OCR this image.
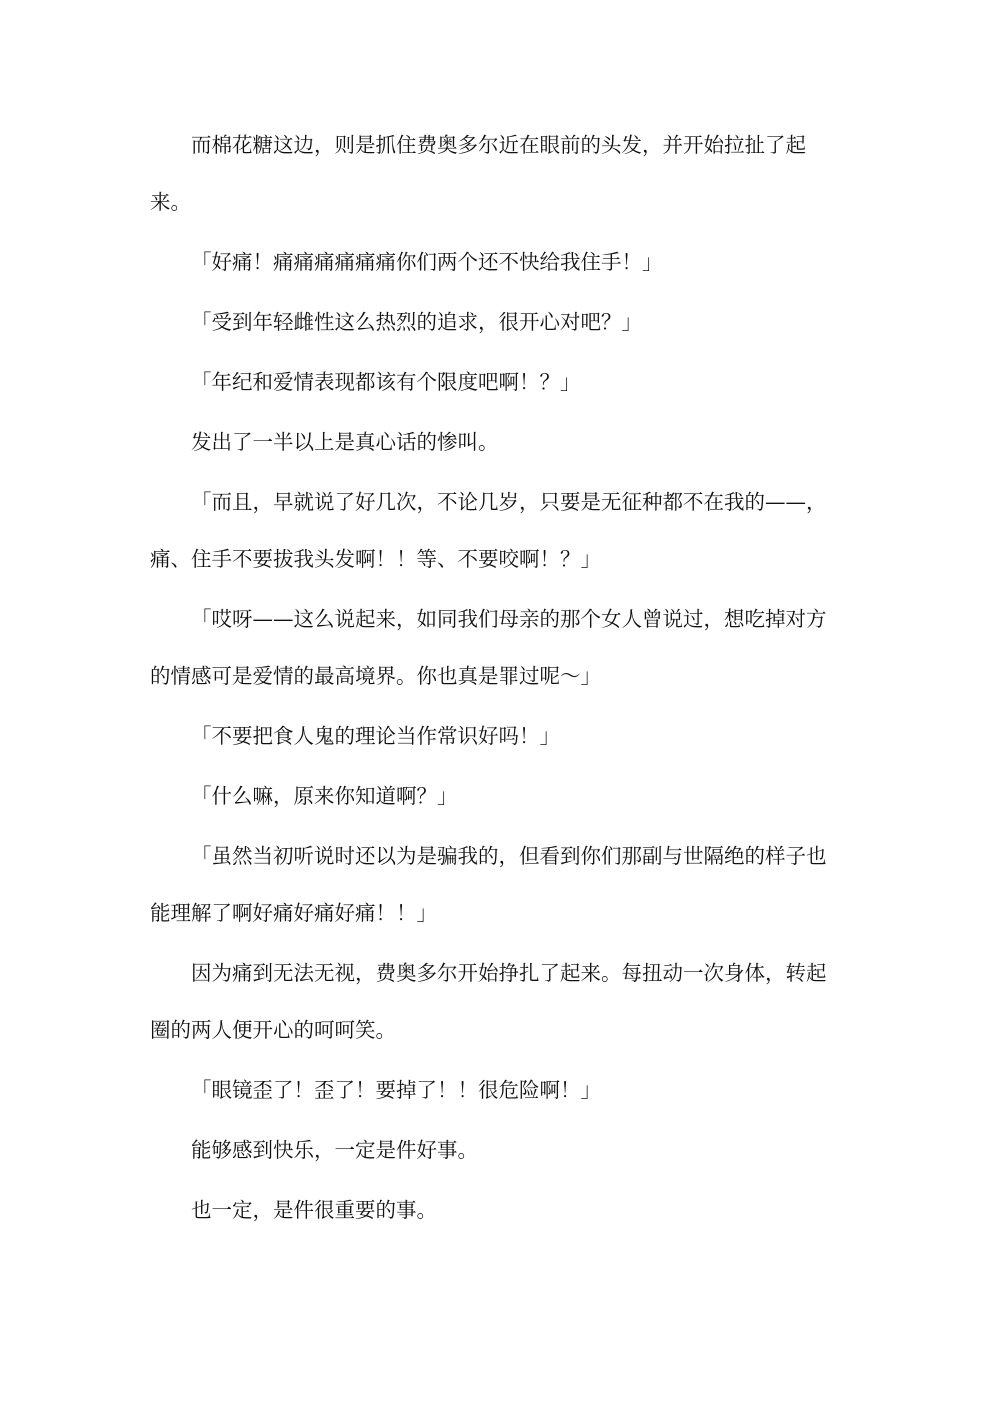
而棉花糖这边，则是抓住费奥多尔近在眼前的头发，并开始拉扯了起来。

「好痛！痛痛痛痛痛痛你们两个还不快给我住手！」

「受到年轻雌性这么热烈的追求，很开心对吧？」

「年纪和爱情表现都该有个限度吧啊！？」

发出了一半以上是真心话的惨叫。

「而且，早就说了好几次，不论几岁，只要是无征种都不在我的——，痛、住手不要拔我头发啊！！等、不要咬啊！？」

「哎呀——这么说起来，如同我们母亲的那个女人曾说过，想吃掉对方的情感可是爱情的最高境界。你也真是罪过呢～」

「不要把食人鬼的理论当作常识好吗！」

「什么嘛，原来你知道啊？」

「虽然当初听说时还以为是骗我的，但看到你们那副与世隔绝的样子也能理解了啊好痛好痛好痛！！」

因为痛到无法无视，费奥多尔开始挣扎了起来。每扭动一次身体，转起圈的两人便开心的呵呵笑。

「眼镜歪了！歪了！要掉了！！很危险啊！」

能够感到快乐，一定是件好事。

也一定，是件很重要的事。
